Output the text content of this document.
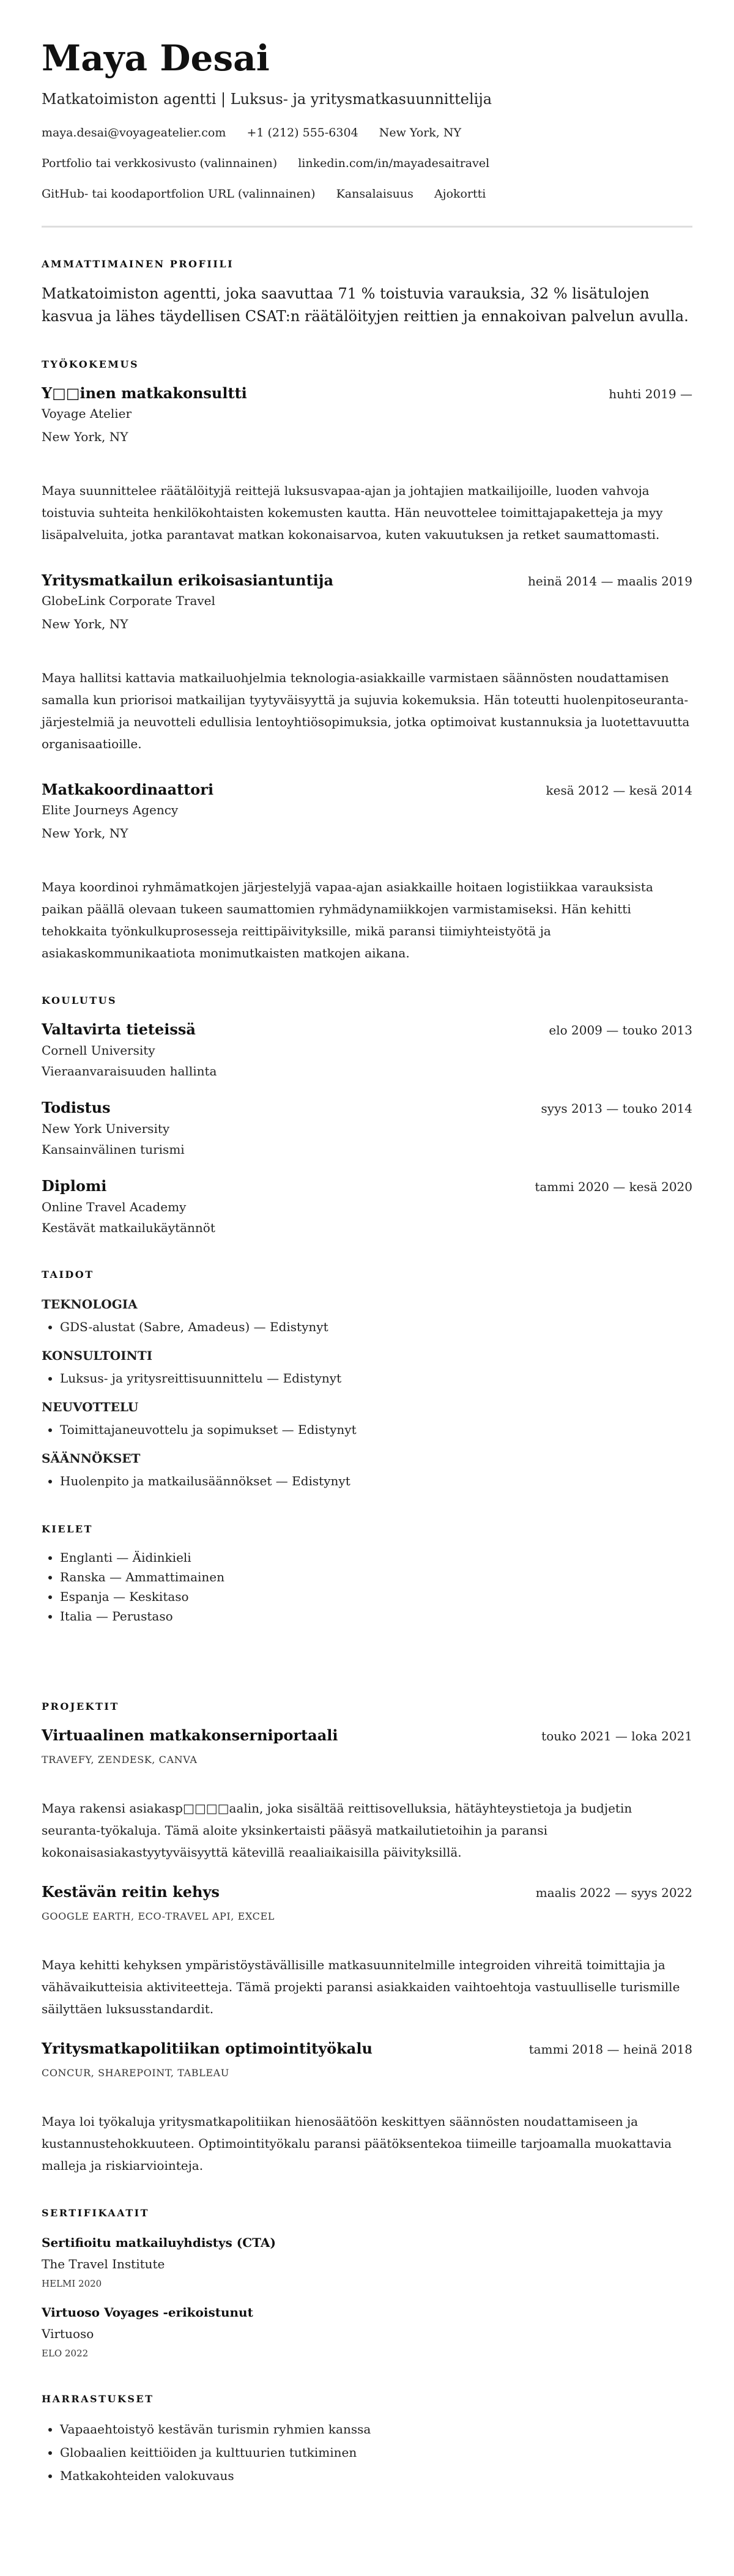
Maya Desai
Matkatoimiston agentti | Luksus- ja yritysmatkasuunnittelija
maya.desai@voyageatelier.com +1 (212) 555-6304 New York, NY
Portfolio tai verkkosivusto (valinnainen) linkedin.com/in/mayadesaitravel
GitHub- tai koodaportfolion URL (valinnainen) Kansalaisuus Ajokortti
AMMATTIMAINEN PROFIILI

Matkatoimiston agentti, joka saavuttaa 71 % toistuvia varauksia, 32 % lisätulojen kasvua ja lähes täydellisen CSAT:n räätälöityjen reittien ja ennakoivan palvelun avulla.

TYÖKOKEMUS
Y□□inen matkakonsultti	huhti 2019 —
Voyage Atelier
New York, NY

Maya suunnittelee räätälöityjä reittejä luksusvapaa-ajan ja johtajien matkailijoille, luoden vahvoja toistuvia suhteita henkilökohtaisten kokemusten kautta. Hän neuvottelee toimittajapaketteja ja myy lisäpalveluita, jotka parantavat matkan kokonaisarvoa, kuten vakuutuksen ja retket saumattomasti.

Yritysmatkailun erikoisasiantuntija	heinä 2014 — maalis 2019
GlobeLink Corporate Travel
New York, NY

Maya hallitsi kattavia matkailuohjelmia teknologia-asiakkaille varmistaen säännösten noudattamisen samalla kun priorisoi matkailijan tyytyväisyyttä ja sujuvia kokemuksia. Hän toteutti huolenpitoseuranta-järjestelmiä ja neuvotteli edullisia lentoyhtiösopimuksia, jotka optimoivat kustannuksia ja luotettavuutta organisaatioille.

Matkakoordinaattori	kesä 2012 — kesä 2014
Elite Journeys Agency
New York, NY

Maya koordinoi ryhmämatkojen järjestelyjä vapaa-ajan asiakkaille hoitaen logistiikkaa varauksista paikan päällä olevaan tukeen saumattomien ryhmädynamiikkojen varmistamiseksi. Hän kehitti tehokkaita työnkulkuprosesseja reittipäivityksille, mikä paransi tiimiyhteistyötä ja asiakaskommunikaatiota monimutkaisten matkojen aikana.

KOULUTUS
Valtavirta tieteissä	elo 2009 — touko 2013
Cornell University
Vieraanvaraisuuden hallinta
Todistus	syys 2013 — touko 2014
New York University
Kansainvälinen turismi
Diplomi	tammi 2020 — kesä 2020
Online Travel Academy
Kestävät matkailukäytännöt
TAIDOT
TEKNOLOGIA
• GDS-alustat (Sabre, Amadeus) — Edistynyt
KONSULTOINTI
• Luksus- ja yritysreittisuunnittelu — Edistynyt
NEUVOTTELU
• Toimittajaneuvottelu ja sopimukset — Edistynyt
SÄÄNNÖKSET
• Huolenpito ja matkailusäännökset — Edistynyt
KIELET
• Englanti — Äidinkieli
• Ranska — Ammattimainen
• Espanja — Keskitaso
• Italia — Perustaso
PROJEKTIT
Virtuaalinen matkakonserniportaali	touko 2021 — loka 2021
TRAVEFY, ZENDESK, CANVA

Maya rakensi asiakasp□□□□aalin, joka sisältää reittisovelluksia, hätäyhteystietoja ja budjetin seuranta-työkaluja. Tämä aloite yksinkertaisti pääsyä matkailutietoihin ja paransi kokonaisasiakastyytyväisyyttä kätevillä reaaliaikaisilla päivityksillä.

Kestävän reitin kehys	maalis 2022 — syys 2022
GOOGLE EARTH, ECO-TRAVEL API, EXCEL

Maya kehitti kehyksen ympäristöystävällisille matkasuunnitelmille integroiden vihreitä toimittajia ja vähävaikutteisia aktiviteetteja. Tämä projekti paransi asiakkaiden vaihtoehtoja vastuulliselle turismille säilyttäen luksusstandardit.

Yritysmatkapolitiikan optimointityökalu	tammi 2018 — heinä 2018
CONCUR, SHAREPOINT, TABLEAU

Maya loi työkaluja yritysmatkapolitiikan hienosäätöön keskittyen säännösten noudattamiseen ja kustannustehokkuuteen. Optimointityökalu paransi päätöksentekoa tiimeille tarjoamalla muokattavia malleja ja riskiarviointeja.

SERTIFIKAATIT
Sertifioitu matkailuyhdistys (CTA)
The Travel Institute
HELMI 2020
Virtuoso Voyages -erikoistunut
Virtuoso
ELO 2022
HARRASTUKSET
• Vapaaehtoistyö kestävän turismin ryhmien kanssa
• Globaalien keittiöiden ja kulttuurien tutkiminen
• Matkakohteiden valokuvaus
